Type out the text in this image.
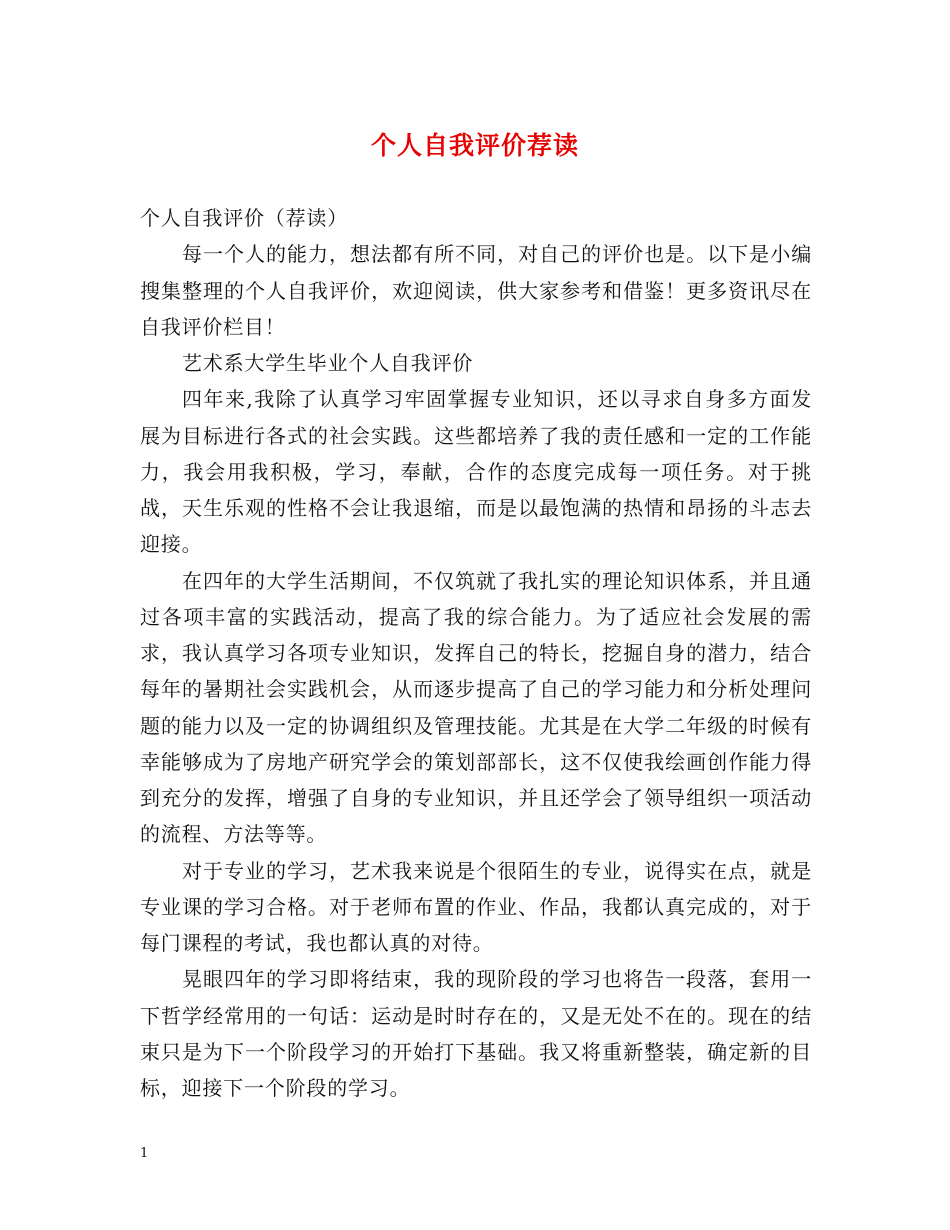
个人自我评价荐读

个人自我评价（荐读）

每一个人的能力，想法都有所不同，对自己的评价也是。以下是小编搜集整理的个人自我评价，欢迎阅读，供大家参考和借鉴！更多资讯尽在自我评价栏目！

艺术系大学生毕业个人自我评价

四年来,我除了认真学习牢固掌握专业知识，还以寻求自身多方面发展为目标进行各式的社会实践。这些都培养了我的责任感和一定的工作能力，我会用我积极，学习，奉献，合作的态度完成每一项任务。对于挑战，天生乐观的性格不会让我退缩，而是以最饱满的热情和昂扬的斗志去迎接。

在四年的大学生活期间，不仅筑就了我扎实的理论知识体系，并且通过各项丰富的实践活动，提高了我的综合能力。为了适应社会发展的需求，我认真学习各项专业知识，发挥自己的特长，挖掘自身的潜力，结合每年的暑期社会实践机会，从而逐步提高了自己的学习能力和分析处理问题的能力以及一定的协调组织及管理技能。尤其是在大学二年级的时候有幸能够成为了房地产研究学会的策划部部长，这不仅使我绘画创作能力得到充分的发挥，增强了自身的专业知识，并且还学会了领导组织一项活动的流程、方法等等。

对于专业的学习，艺术我来说是个很陌生的专业，说得实在点，就是专业课的学习合格。对于老师布置的作业、作品，我都认真完成的，对于每门课程的考试，我也都认真的对待。

晃眼四年的学习即将结束，我的现阶段的学习也将告一段落，套用一下哲学经常用的一句话：运动是时时存在的，又是无处不在的。现在的结束只是为下一个阶段学习的开始打下基础。我又将重新整装，确定新的目标，迎接下一个阶段的学习。

1
